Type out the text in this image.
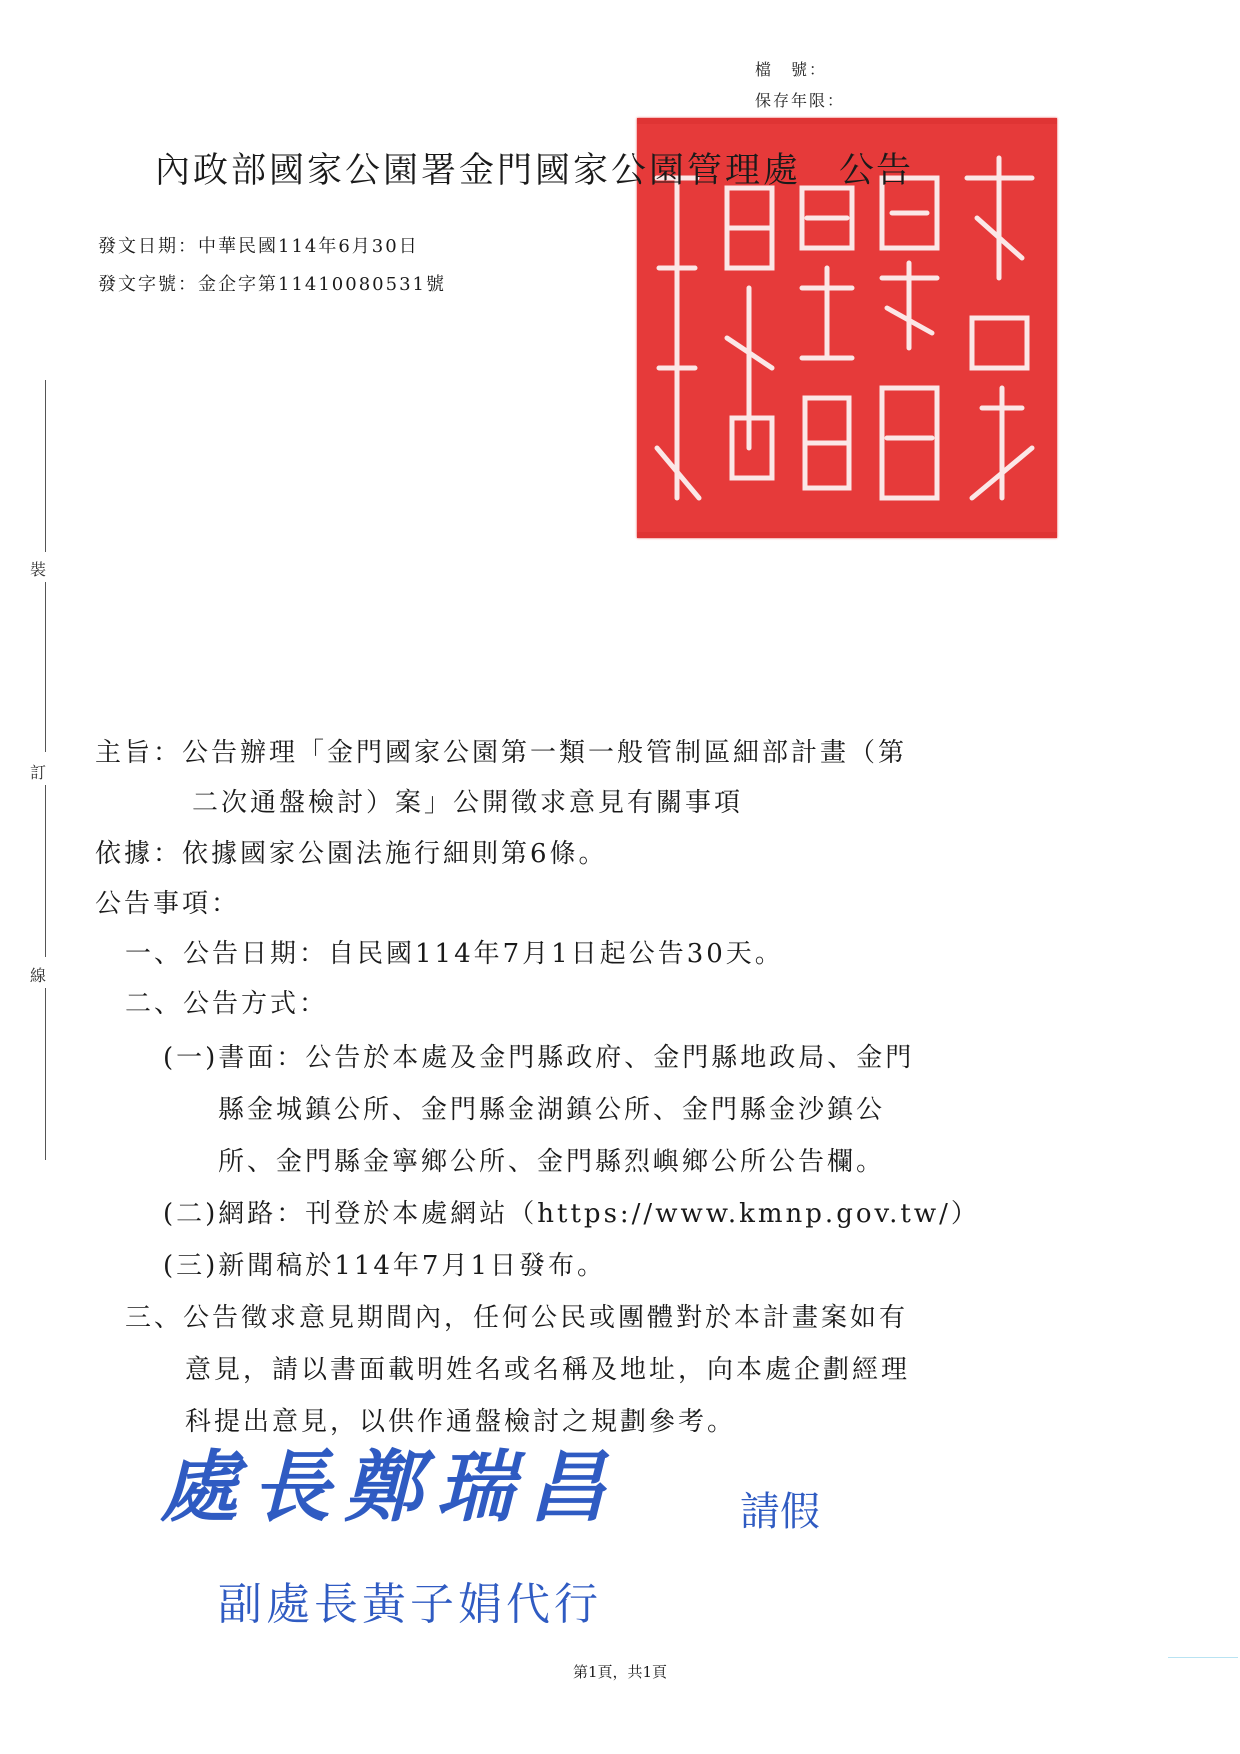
檔　號：
保存年限：
內政部國家公園署金門國家公園管理處 公告
發文日期：中華民國114年6月30日
發文字號：金企字第11410080531號
裝
訂
線
主旨：公告辦理「金門國家公園第一類一般管制區細部計畫（第
二次通盤檢討）案」公開徵求意見有關事項
依據：依據國家公園法施行細則第6條。
公告事項：
一、公告日期：自民國114年7月1日起公告30天。
二、公告方式：
(一)書面：公告於本處及金門縣政府、金門縣地政局、金門
縣金城鎮公所、金門縣金湖鎮公所、金門縣金沙鎮公
所、金門縣金寧鄉公所、金門縣烈嶼鄉公所公告欄。
(二)網路：刊登於本處網站（https://www.kmnp.gov.tw/）
(三)新聞稿於114年7月1日發布。
三、公告徵求意見期間內，任何公民或團體對於本計畫案如有
意見，請以書面載明姓名或名稱及地址，向本處企劃經理
科提出意見，以供作通盤檢討之規劃參考。
處長鄭瑞昌	請假
副處長黃子娟代行
第1頁，共1頁
